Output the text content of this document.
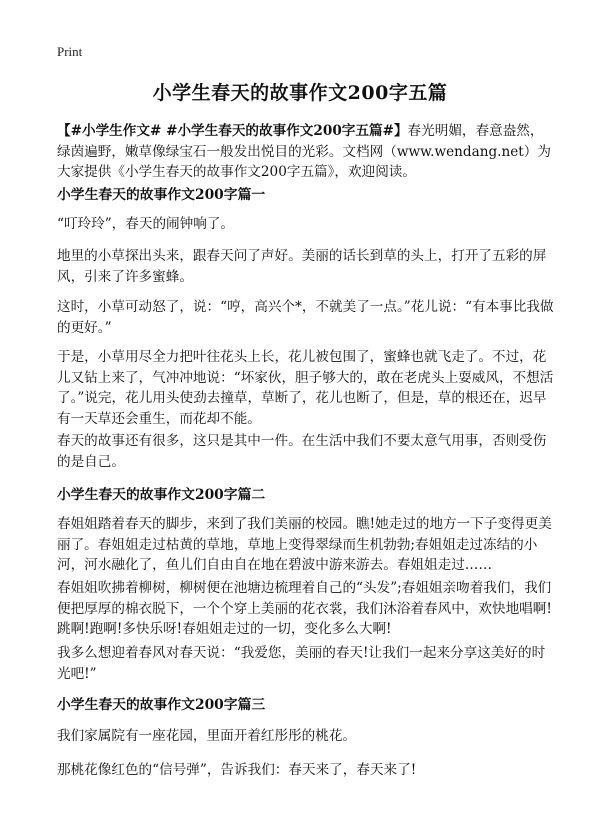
Print
小学生春天的故事作文200字五篇

【#小学生作文# #小学生春天的故事作文200字五篇#】春光明媚，春意盎然，绿茵遍野，嫩草像绿宝石一般发出悦目的光彩。文档网（www.wendang.net）为大家提供《小学生春天的故事作文200字五篇》，欢迎阅读。

小学生春天的故事作文200字篇一

“叮玲玲”，春天的闹钟响了。

地里的小草探出头来，跟春天问了声好。美丽的话长到草的头上，打开了五彩的屏风，引来了许多蜜蜂。

这时，小草可动怒了，说：“哼，高兴个*，不就美了一点。”花儿说：“有本事比我做的更好。”

于是，小草用尽全力把叶往花头上长，花儿被包围了，蜜蜂也就飞走了。不过，花儿又钻上来了，气冲冲地说：“坏家伙，胆子够大的，敢在老虎头上耍威风，不想活了。”说完，花儿用头使劲去撞草，草断了，花儿也断了，但是，草的根还在，迟早有一天草还会重生，而花却不能。

春天的故事还有很多，这只是其中一件。在生活中我们不要太意气用事，否则受伤的是自己。

小学生春天的故事作文200字篇二

春姐姐踏着春天的脚步，来到了我们美丽的校园。瞧!她走过的地方一下子变得更美丽了。春姐姐走过枯黄的草地，草地上变得翠绿而生机勃勃;春姐姐走过冻结的小河，河水融化了，鱼儿们自由自在地在碧波中游来游去。春姐姐走过……

春姐姐吹拂着柳树，柳树便在池塘边梳理着自己的“头发”;春姐姐亲吻着我们，我们便把厚厚的棉衣脱下，一个个穿上美丽的花衣裳，我们沐浴着春风中，欢快地唱啊!跳啊!跑啊!多快乐呀!春姐姐走过的一切，变化多么大啊!

我多么想迎着春风对春天说：“我爱您，美丽的春天!让我们一起来分享这美好的时光吧!”

小学生春天的故事作文200字篇三

我们家属院有一座花园，里面开着红彤彤的桃花。

那桃花像红色的“信号弹”，告诉我们：春天来了，春天来了!
